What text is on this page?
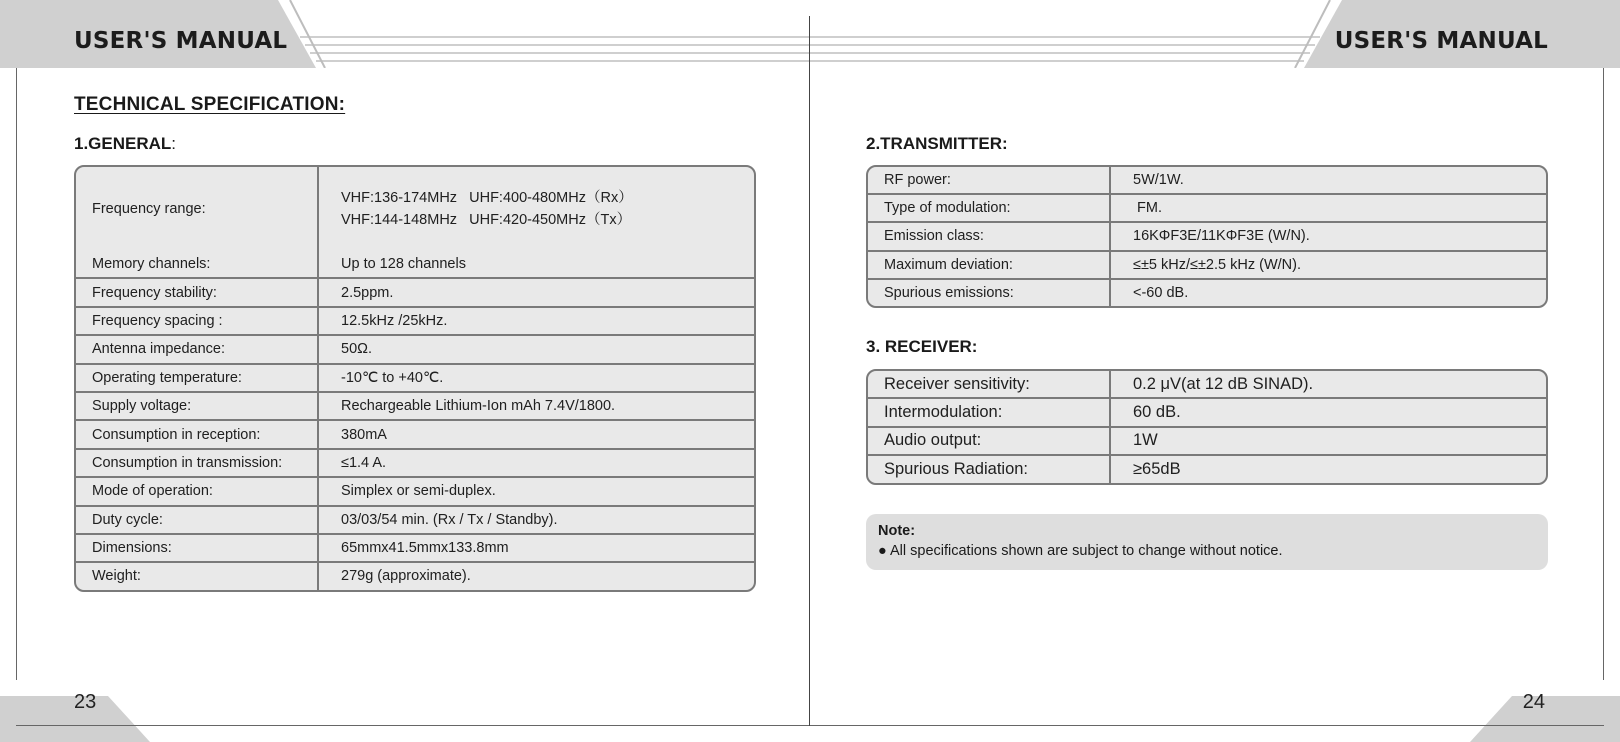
USER'S MANUAL
TECHNICAL SPECIFICATION:
1.GENERAL:
Frequency range:
VHF:136-174MHz   UHF:400-480MHz（Rx）
VHF:144-148MHz   UHF:420-450MHz（Tx）
Memory channels:	Up to 128 channels
Frequency stability:	2.5ppm.
Frequency spacing :	12.5kHz /25kHz.
Antenna impedance:	50Ω.
Operating temperature:	-10℃ to +40℃.
Supply voltage:	Rechargeable Lithium-Ion mAh 7.4V/1800.
Consumption in reception:	380mA
Consumption in transmission:	≤1.4 A.
Mode of operation:	Simplex or semi-duplex.
Duty cycle:	03/03/54 min. (Rx / Tx / Standby).
Dimensions:	65mmx41.5mmx133.8mm
Weight:	279g (approximate).
23
USER'S MANUAL
2.TRANSMITTER:
RF power:	5W/1W.
Type of modulation:	FM.
Emission class:	16KΦF3E/11KΦF3E (W/N).
Maximum deviation:	≤±5 kHz/≤±2.5 kHz (W/N).
Spurious emissions:	<-60 dB.
3. RECEIVER:
Receiver sensitivity:	0.2 μV(at 12 dB SINAD).
Intermodulation:	60 dB.
Audio output:	1W
Spurious Radiation:	≥65dB
24
Note:
● All specifications shown are subject to change without notice.
